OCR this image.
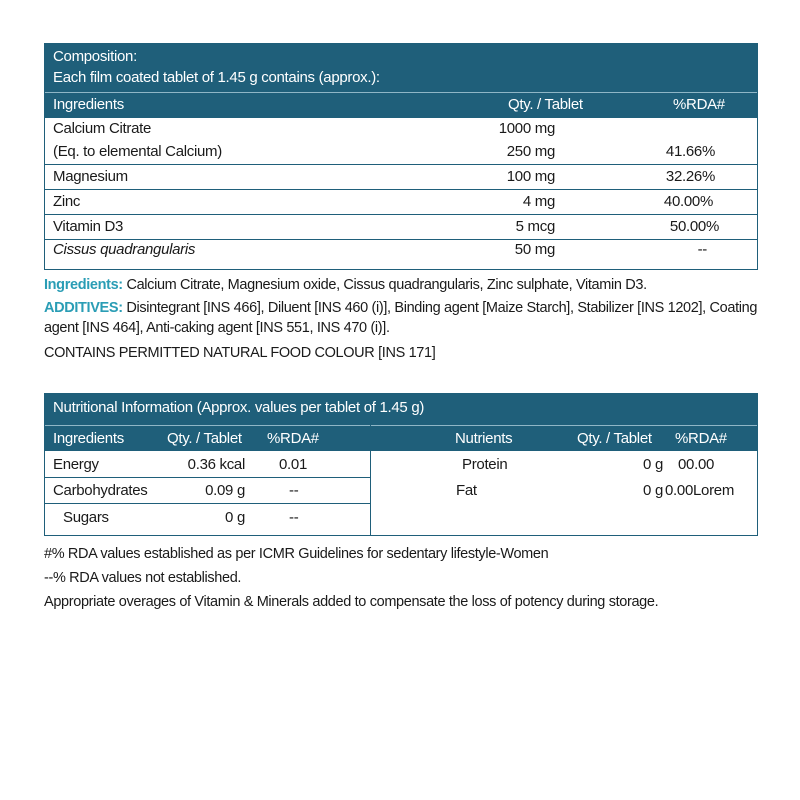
Composition:
Each film coated tablet of 1.45 g contains (approx.):
Ingredients	Qty. / Tablet	%RDA#
Calcium Citrate	1000 mg
(Eq. to elemental Calcium)	250 mg	41.66%
Magnesium	100 mg	32.26%
Zinc	4 mg	40.00%
Vitamin D3	5 mcg	50.00%
Cissus quadrangularis	50 mg	--
Ingredients: Calcium Citrate, Magnesium oxide, Cissus quadrangularis, Zinc sulphate, Vitamin D3.
ADDITIVES: Disintegrant [INS 466], Diluent [INS 460 (i)], Binding agent [Maize Starch], Stabilizer [INS 1202], Coating agent [INS 464], Anti-caking agent [INS 551, INS 470 (i)].
CONTAINS PERMITTED NATURAL FOOD COLOUR [INS 171]
Nutritional Information (Approx. values per tablet of 1.45 g)
Ingredients	Qty. / Tablet %RDA#	Nutrients	Qty. / Tablet %RDA#
Energy	0.36 kcal 0.01
Carbohydrates	0.09 g	--
Sugars	0 g	--
Protein	0 g 00.00
Fat	0 g 0.00Lorem
#% RDA values established as per ICMR Guidelines for sedentary lifestyle-Women
--% RDA values not established.
Appropriate overages of Vitamin & Minerals added to compensate the loss of potency during storage.
